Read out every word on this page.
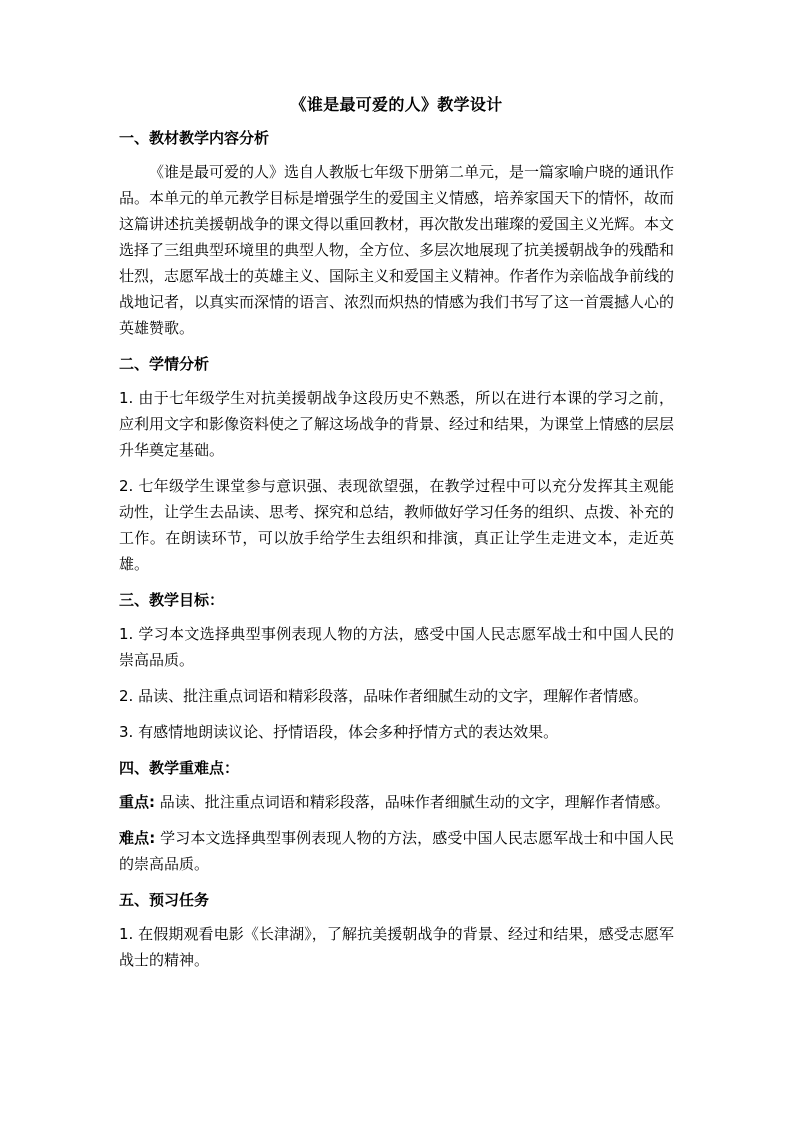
《谁是最可爱的人》教学设计
一、教材教学内容分析

《谁是最可爱的人》选自人教版七年级下册第二单元，是一篇家喻户晓的通讯作品。本单元的单元教学目标是增强学生的爱国主义情感，培养家国天下的情怀，故而这篇讲述抗美援朝战争的课文得以重回教材，再次散发出璀璨的爱国主义光辉。本文选择了三组典型环境里的典型人物，全方位、多层次地展现了抗美援朝战争的残酷和壮烈，志愿军战士的英雄主义、国际主义和爱国主义精神。作者作为亲临战争前线的战地记者，以真实而深情的语言、浓烈而炽热的情感为我们书写了这一首震撼人心的英雄赞歌。

二、学情分析

1. 由于七年级学生对抗美援朝战争这段历史不熟悉，所以在进行本课的学习之前，应利用文字和影像资料使之了解这场战争的背景、经过和结果，为课堂上情感的层层升华奠定基础。

2. 七年级学生课堂参与意识强、表现欲望强，在教学过程中可以充分发挥其主观能动性，让学生去品读、思考、探究和总结，教师做好学习任务的组织、点拨、补充的工作。在朗读环节，可以放手给学生去组织和排演，真正让学生走进文本，走近英雄。

三、教学目标：

1. 学习本文选择典型事例表现人物的方法，感受中国人民志愿军战士和中国人民的崇高品质。

2. 品读、批注重点词语和精彩段落，品味作者细腻生动的文字，理解作者情感。

3. 有感情地朗读议论、抒情语段，体会多种抒情方式的表达效果。

四、教学重难点：

重点: 品读、批注重点词语和精彩段落，品味作者细腻生动的文字，理解作者情感。

难点: 学习本文选择典型事例表现人物的方法，感受中国人民志愿军战士和中国人民的崇高品质。

五、预习任务

1. 在假期观看电影《长津湖》，了解抗美援朝战争的背景、经过和结果，感受志愿军战士的精神。
